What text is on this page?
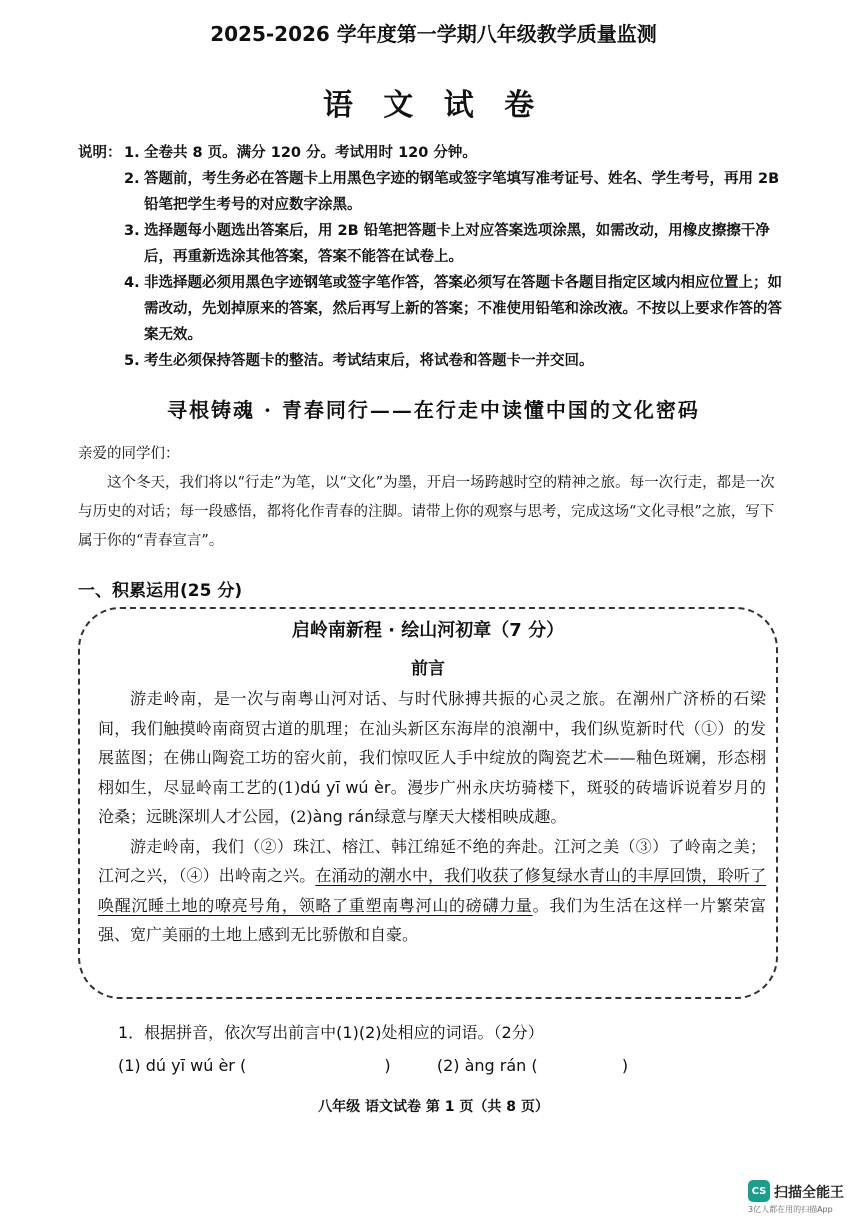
2025-2026 学年度第一学期八年级教学质量监测
语 文 试 卷
说明： 1. 全卷共 8 页。满分 120 分。考试用时 120 分钟。
2. 答题前，考生务必在答题卡上用黑色字迹的钢笔或签字笔填写准考证号、姓名、学生考号，再用 2B 铅笔把学生考号的对应数字涂黑。
3. 选择题每小题选出答案后，用 2B 铅笔把答题卡上对应答案选项涂黑，如需改动，用橡皮擦擦干净后，再重新选涂其他答案，答案不能答在试卷上。
4. 非选择题必须用黑色字迹钢笔或签字笔作答，答案必须写在答题卡各题目指定区域内相应位置上；如需改动，先划掉原来的答案，然后再写上新的答案；不准使用铅笔和涂改液。不按以上要求作答的答案无效。
5. 考生必须保持答题卡的整洁。考试结束后，将试卷和答题卡一并交回。
寻根铸魂 · 青春同行——在行走中读懂中国的文化密码
亲爱的同学们：

这个冬天，我们将以“行走”为笔，以“文化”为墨，开启一场跨越时空的精神之旅。每一次行走，都是一次与历史的对话；每一段感悟，都将化作青春的注脚。请带上你的观察与思考，完成这场“文化寻根”之旅，写下属于你的“青春宣言”。

一、积累运用(25 分)
启岭南新程 · 绘山河初章（7 分）
前言

游走岭南，是一次与南粤山河对话、与时代脉搏共振的心灵之旅。在潮州广济桥的石梁间，我们触摸岭南商贸古道的肌理；在汕头新区东海岸的浪潮中，我们纵览新时代（①）的发展蓝图；在佛山陶瓷工坊的窑火前，我们惊叹匠人手中绽放的陶瓷艺术——釉色斑斓，形态栩栩如生，尽显岭南工艺的(1)dú yī wú èr。漫步广州永庆坊骑楼下，斑驳的砖墙诉说着岁月的沧桑；远眺深圳人才公园，(2)àng rán绿意与摩天大楼相映成趣。

游走岭南，我们（②）珠江、榕江、韩江绵延不绝的奔赴。江河之美（③）了岭南之美；江河之兴，（④）出岭南之兴。在涌动的潮水中，我们收获了修复绿水青山的丰厚回馈，聆听了唤醒沉睡土地的嘹亮号角，领略了重塑南粤河山的磅礴力量。我们为生活在这样一片繁荣富强、宽广美丽的土地上感到无比骄傲和自豪。

1．根据拼音，依次写出前言中(1)(2)处相应的词语。（2分）
(1) dú yī wú èr (	)	(2) àng rán (	)
八年级 语文试卷 第 1 页（共 8 页）
CS 扫描全能王
3亿人都在用的扫描App
